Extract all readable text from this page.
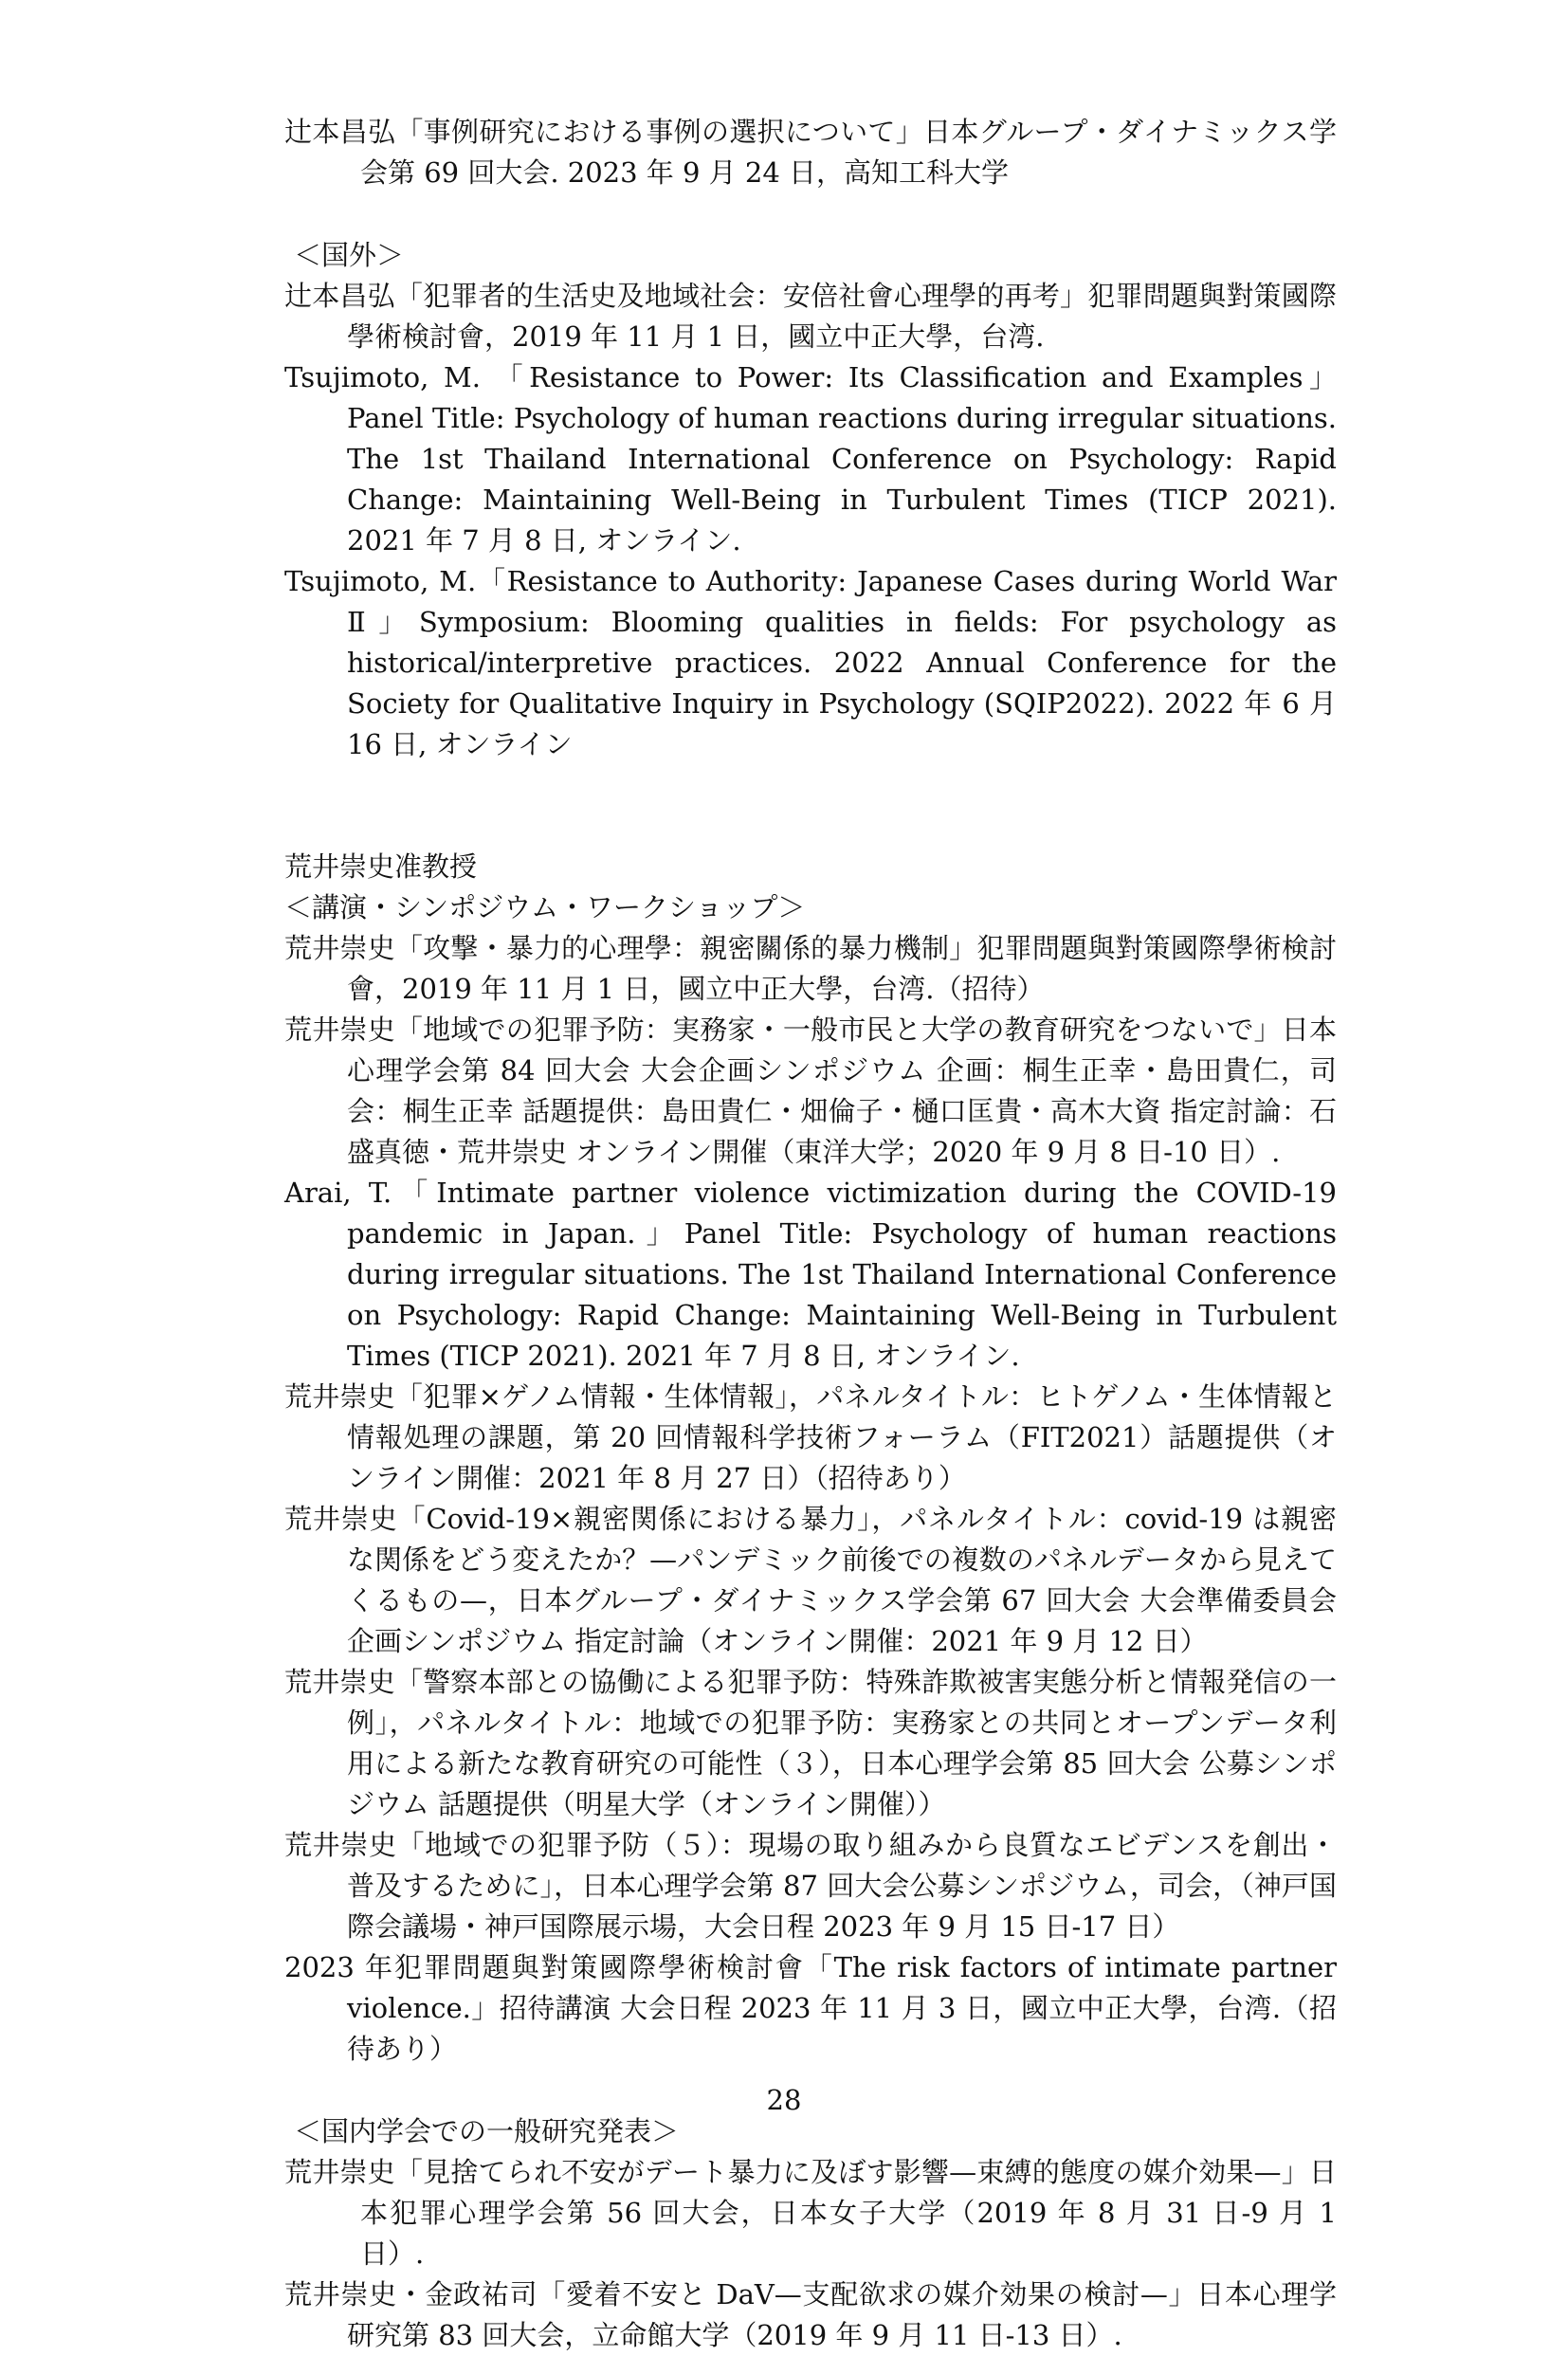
辻本昌弘「事例研究における事例の選択について」日本グループ・ダイナミックス学会第 69 回大会. 2023 年 9 月 24 日，高知工科大学

＜国外＞

辻本昌弘「犯罪者的生活史及地域社会：安倍社會心理學的再考」犯罪問題與對策國際學術検討會，2019 年 11 月 1 日，國立中正大學，台湾.

Tsujimoto, M. 「Resistance to Power: Its Classification and Examples」Panel Title: Psychology of human reactions during irregular situations. The 1st Thailand International Conference on Psychology: Rapid Change: Maintaining Well-Being in Turbulent Times (TICP 2021). 2021 年 7 月 8 日, オンライン.

Tsujimoto, M.「Resistance to Authority: Japanese Cases during World War Ⅱ」Symposium: Blooming qualities in fields: For psychology as historical/interpretive practices. 2022 Annual Conference for the Society for Qualitative Inquiry in Psychology (SQIP2022). 2022 年 6 月 16 日, オンライン

荒井崇史准教授

＜講演・シンポジウム・ワークショップ＞

荒井崇史「攻撃・暴力的心理學：親密關係的暴力機制」犯罪問題與對策國際學術検討會，2019 年 11 月 1 日，國立中正大學，台湾.（招待）

荒井崇史「地域での犯罪予防：実務家・一般市民と大学の教育研究をつないで」日本心理学会第 84 回大会 大会企画シンポジウム 企画：桐生正幸・島田貴仁，司会：桐生正幸 話題提供：島田貴仁・畑倫子・樋口匡貴・高木大資 指定討論：石盛真徳・荒井崇史 オンライン開催（東洋大学；2020 年 9 月 8 日-10 日）.

Arai, T.「Intimate partner violence victimization during the COVID-19 pandemic in Japan.」Panel Title: Psychology of human reactions during irregular situations. The 1st Thailand International Conference on Psychology: Rapid Change: Maintaining Well-Being in Turbulent Times (TICP 2021). 2021 年 7 月 8 日, オンライン.

荒井崇史「犯罪×ゲノム情報・生体情報」，パネルタイトル：ヒトゲノム・生体情報と情報処理の課題，第 20 回情報科学技術フォーラム（FIT2021）話題提供（オンライン開催：2021 年 8 月 27 日）（招待あり）

荒井崇史「Covid-19×親密関係における暴力」，パネルタイトル：covid-19 は親密な関係をどう変えたか？—パンデミック前後での複数のパネルデータから見えてくるもの—，日本グループ・ダイナミックス学会第 67 回大会 大会準備委員会企画シンポジウム 指定討論（オンライン開催：2021 年 9 月 12 日）

荒井崇史「警察本部との協働による犯罪予防：特殊詐欺被害実態分析と情報発信の一例」，パネルタイトル：地域での犯罪予防：実務家との共同とオープンデータ利用による新たな教育研究の可能性（３），日本心理学会第 85 回大会 公募シンポジウム 話題提供（明星大学（オンライン開催））

荒井崇史「地域での犯罪予防（５）：現場の取り組みから良質なエビデンスを創出・普及するために」，日本心理学会第 87 回大会公募シンポジウム，司会，（神戸国際会議場・神戸国際展示場，大会日程 2023 年 9 月 15 日-17 日）

2023 年犯罪問題與對策國際學術検討會「The risk factors of intimate partner violence.」招待講演 大会日程 2023 年 11 月 3 日，國立中正大學，台湾.（招待あり）

＜国内学会での一般研究発表＞

荒井崇史「見捨てられ不安がデート暴力に及ぼす影響—束縛的態度の媒介効果—」日本犯罪心理学会第 56 回大会，日本女子大学（2019 年 8 月 31 日-9 月 1 日）.

荒井崇史・金政祐司「愛着不安と DaV—支配欲求の媒介効果の検討—」日本心理学研究第 83 回大会，立命館大学（2019 年 9 月 11 日-13 日）.

28
